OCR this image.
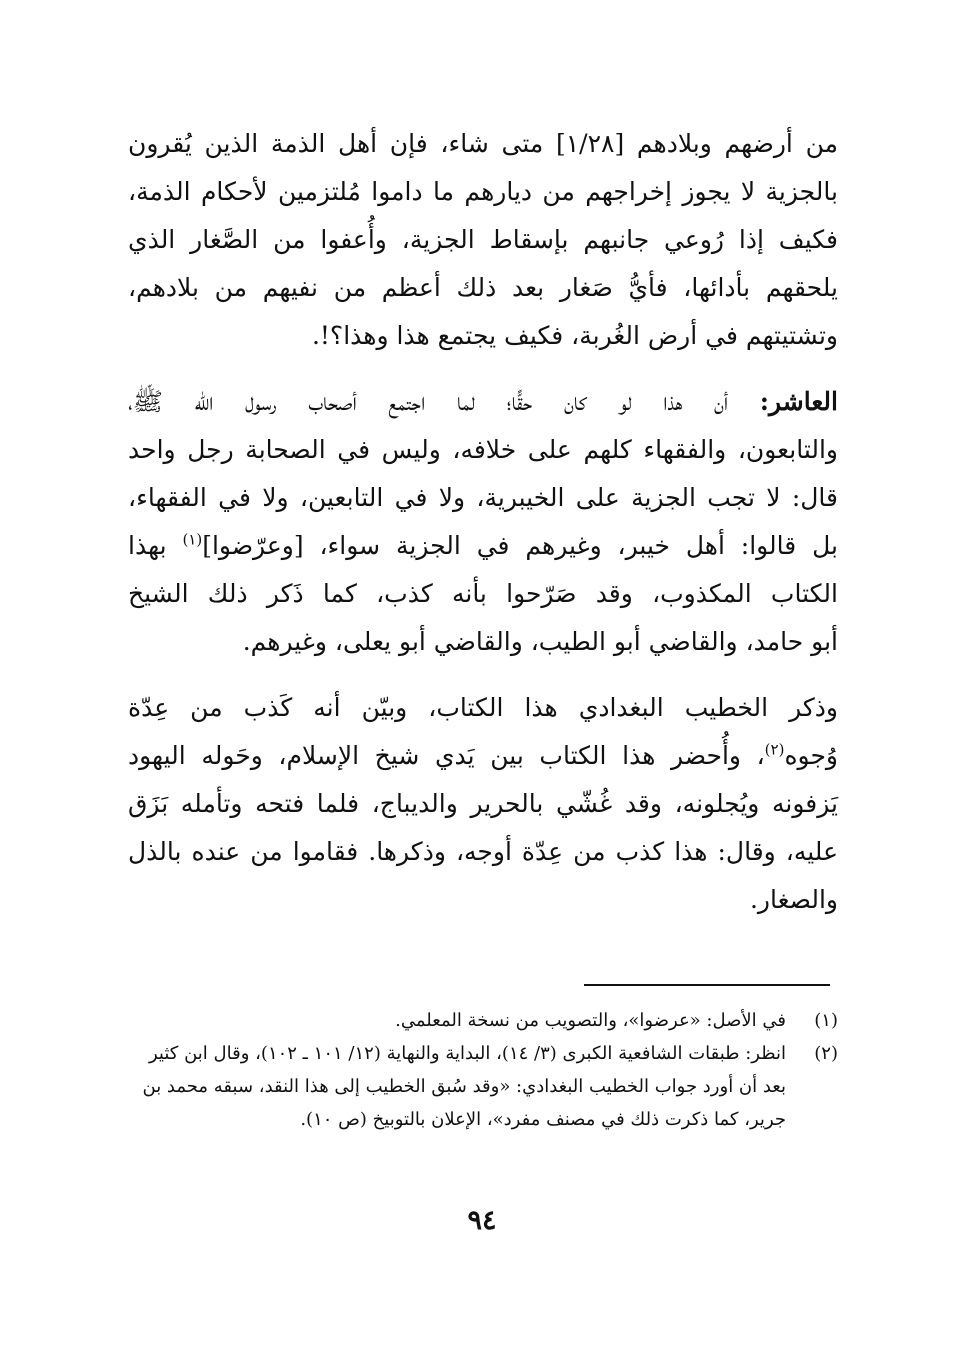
من أرضهم وبلادهم [١/٢٨] متى شاء، فإن أهل الذمة الذين يُقرون
بالجزية لا يجوز إخراجهم من ديارهم ما داموا مُلتزمين لأحكام الذمة،
فكيف إذا رُوعي جانبهم بإسقاط الجزية، وأُعفوا من الصَّغار الذي
يلحقهم بأدائها، فأيُّ صَغار بعد ذلك أعظم من نفيهم من بلادهم،
وتشتيتهم في أرض الغُربة، فكيف يجتمع هذا وهذا؟!.

العاشر: أن هذا لو كان حقًّا؛ لما اجتمع أصحاب رسول الله ﷺ،
والتابعون، والفقهاء كلهم على خلافه، وليس في الصحابة رجل واحد
قال: لا تجب الجزية على الخيبرية، ولا في التابعين، ولا في الفقهاء،
بل قالوا: أهل خيبر، وغيرهم في الجزية سواء، [وعرّضوا]$^{(١)}$ بهذا
الكتاب المكذوب، وقد صَرّحوا بأنه كذب، كما ذَكر ذلك الشيخ
أبو حامد، والقاضي أبو الطيب، والقاضي أبو يعلى، وغيرهم.

وذكر الخطيب البغدادي هذا الكتاب، وبيّن أنه كَذب من عِدّة
وُجوه$^{(٢)}$، وأُحضر هذا الكتاب بين يَدي شيخ الإسلام، وحَوله اليهود
يَزفونه ويُجلونه، وقد غُشّي بالحرير والديباج، فلما فتحه وتأمله بَزَق
عليه، وقال: هذا كذب من عِدّة أوجه، وذكرها. فقاموا من عنده بالذل
والصغار.

(١)
في الأصل: «عرضوا»، والتصويب من نسخة المعلمي.
(٢)
انظر: طبقات الشافعية الكبرى (٣/ ١٤)، البداية والنهاية (١٢/ ١٠١ ـ ١٠٢)، وقال ابن كثير بعد أن أورد جواب الخطيب البغدادي: «وقد سُبق الخطيب إلى هذا النقد، سبقه محمد بن جرير، كما ذكرت ذلك في مصنف مفرد»، الإعلان بالتوبيخ (ص ١٠).
٩٤
